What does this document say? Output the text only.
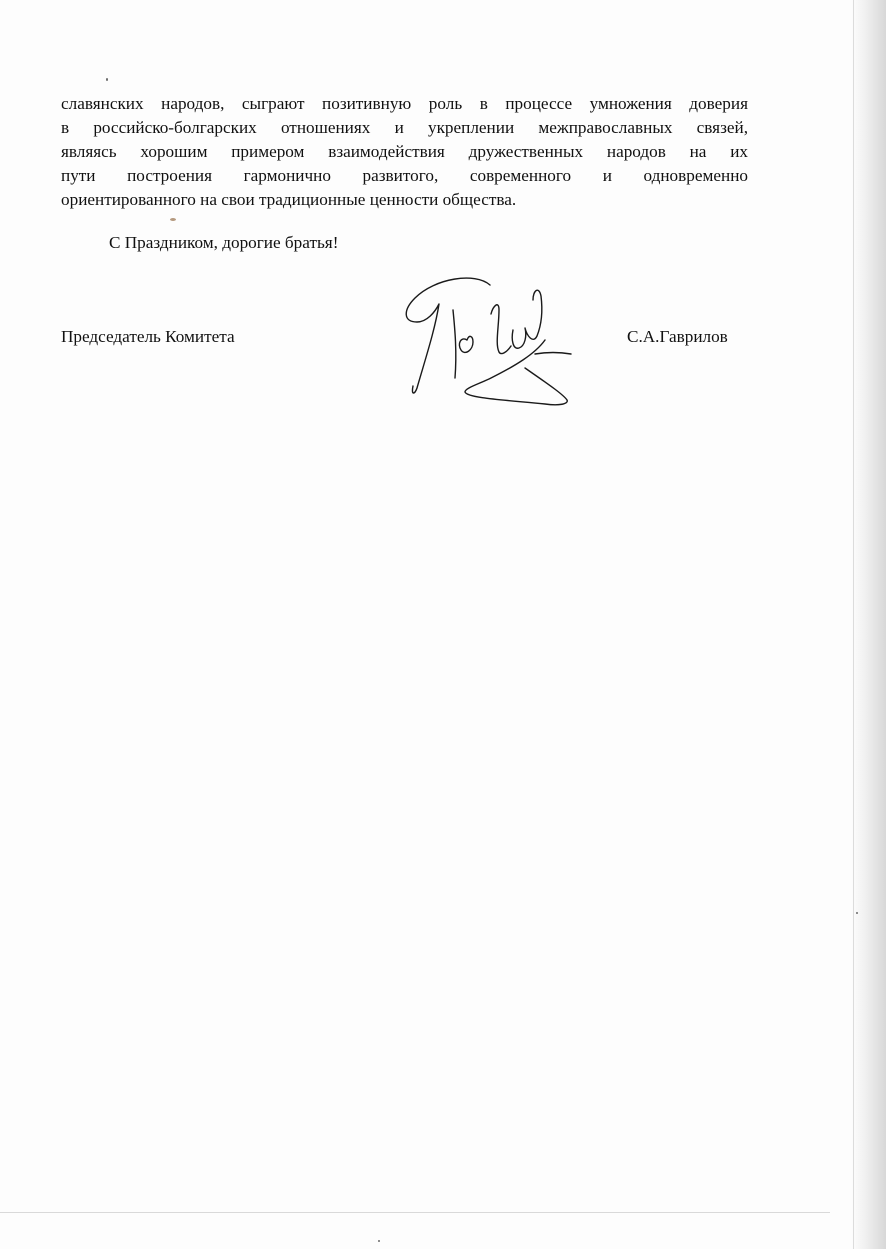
славянских народов, сыграют позитивную роль в процессе умножения доверия
в российско-болгарских отношениях и укреплении межправославных связей,
являясь хорошим примером взаимодействия дружественных народов на их
пути построения гармонично развитого, современного и одновременно
ориентированного на свои традиционные ценности общества.
С Праздником, дорогие братья!
Председатель Комитета	С.А.Гаврилов
